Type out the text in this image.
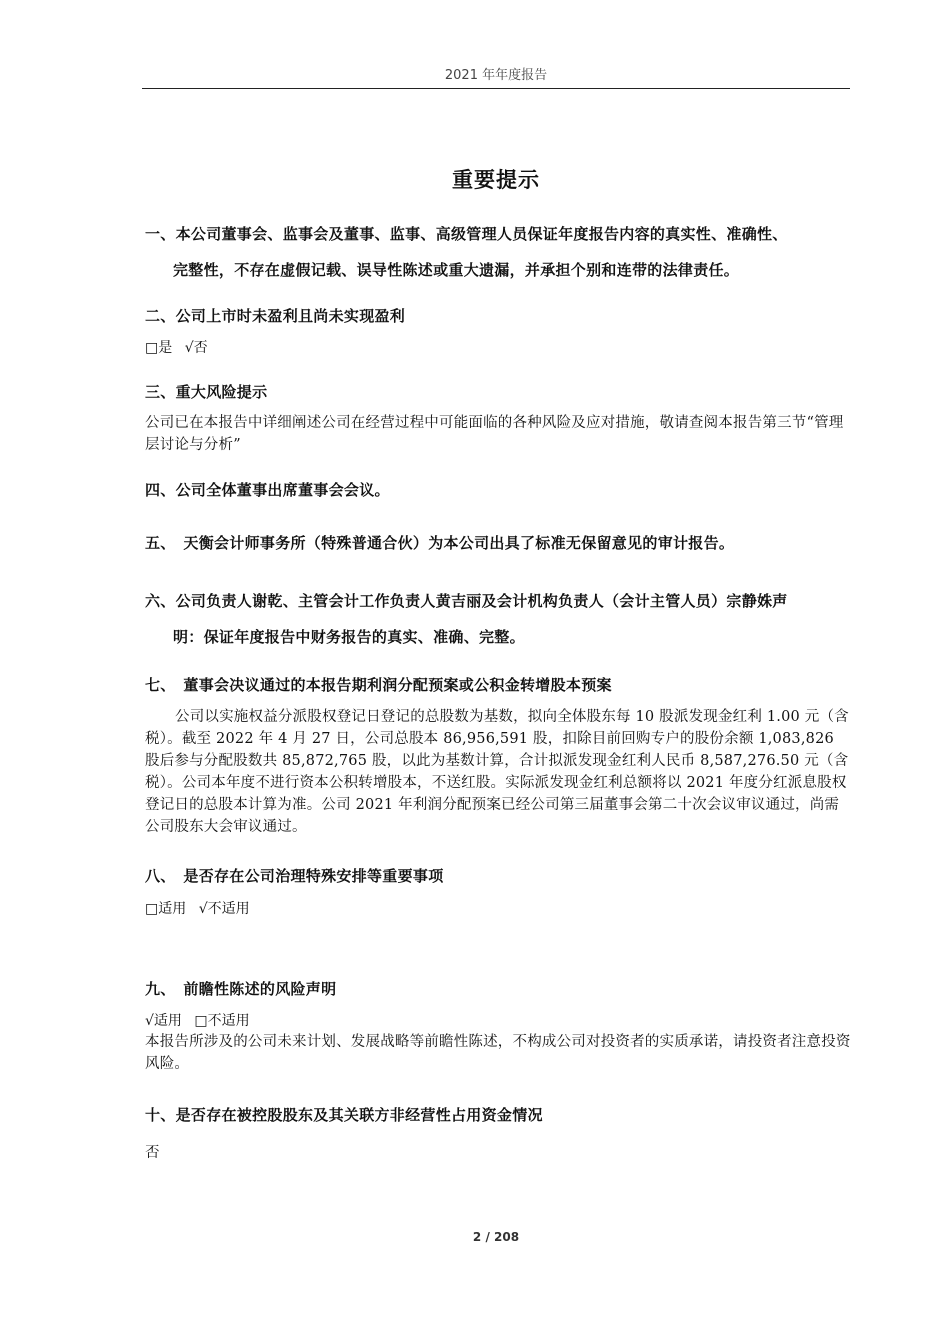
2021 年年度报告
重要提示
一、本公司董事会、监事会及董事、监事、高级管理人员保证年度报告内容的真实性、准确性、
完整性，不存在虚假记载、误导性陈述或重大遗漏，并承担个别和连带的法律责任。
二、公司上市时未盈利且尚未实现盈利
□是 √否
三、重大风险提示
公司已在本报告中详细阐述公司在经营过程中可能面临的各种风险及应对措施，敬请查阅本报告第三节“管理层讨论与分析”
四、公司全体董事出席董事会会议。
五、　天衡会计师事务所（特殊普通合伙）为本公司出具了标准无保留意见的审计报告。
六、公司负责人谢乾、主管会计工作负责人黄吉丽及会计机构负责人（会计主管人员）宗静姝声
明：保证年度报告中财务报告的真实、准确、完整。
七、　董事会决议通过的本报告期利润分配预案或公积金转增股本预案
公司以实施权益分派股权登记日登记的总股数为基数，拟向全体股东每 10 股派发现金红利 1.00 元（含税）。截至 2022 年 4 月 27 日，公司总股本 86,956,591 股，扣除目前回购专户的股份余额 1,083,826 股后参与分配股数共 85,872,765 股，以此为基数计算，合计拟派发现金红利人民币 8,587,276.50 元（含税）。公司本年度不进行资本公积转增股本，不送红股。实际派发现金红利总额将以 2021 年度分红派息股权登记日的总股本计算为准。公司 2021 年利润分配预案已经公司第三届董事会第二十次会议审议通过，尚需公司股东大会审议通过。
八、　是否存在公司治理特殊安排等重要事项
□适用 √不适用
九、　前瞻性陈述的风险声明
√适用 □不适用
本报告所涉及的公司未来计划、发展战略等前瞻性陈述，不构成公司对投资者的实质承诺，请投资者注意投资风险。
十、是否存在被控股股东及其关联方非经营性占用资金情况
否
2 / 208
